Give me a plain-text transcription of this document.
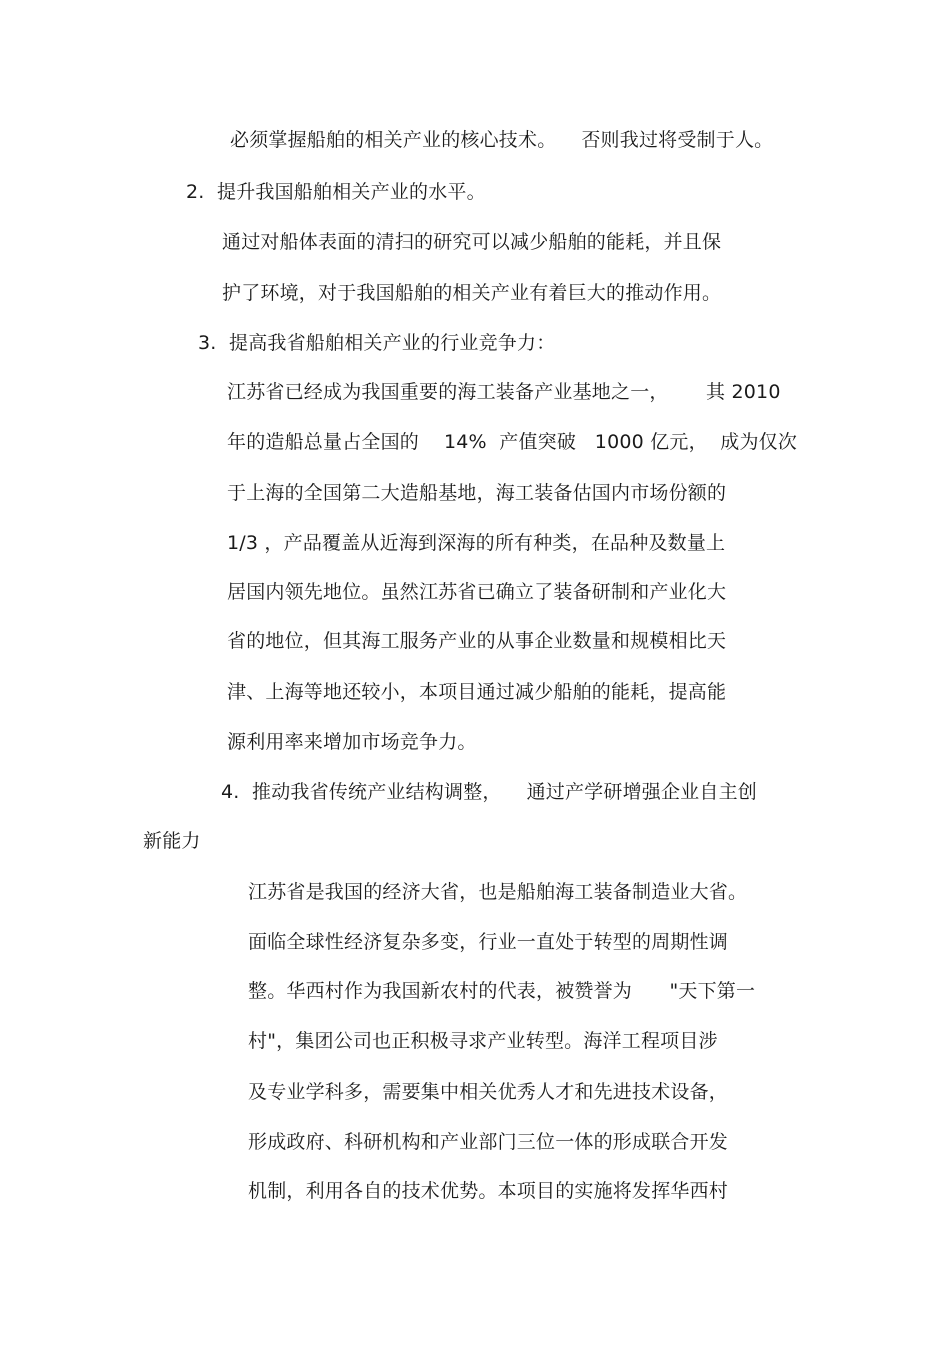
必须掌握船舶的相关产业的核心技术。    否则我过将受制于人。
2.  提升我国船舶相关产业的水平。
通过对船体表面的清扫的研究可以减少船舶的能耗，并且保
护了环境，对于我国船舶的相关产业有着巨大的推动作用。
3.  提高我省船舶相关产业的行业竞争力：
江苏省已经成为我国重要的海工装备产业基地之一，      其 2010
年的造船总量占全国的    14%  产值突破   1000 亿元，  成为仅次
于上海的全国第二大造船基地，海工装备估国内市场份额的
1/3 ，产品覆盖从近海到深海的所有种类，在品种及数量上
居国内领先地位。虽然江苏省已确立了装备研制和产业化大
省的地位，但其海工服务产业的从事企业数量和规模相比天
津、上海等地还较小，本项目通过减少船舶的能耗，提高能
源利用率来增加市场竞争力。
4.  推动我省传统产业结构调整，    通过产学研增强企业自主创
新能力
江苏省是我国的经济大省，也是船舶海工装备制造业大省。
面临全球性经济复杂多变，行业一直处于转型的周期性调
整。华西村作为我国新农村的代表，被赞誉为      "天下第一
村"，集团公司也正积极寻求产业转型。海洋工程项目涉
及专业学科多，需要集中相关优秀人才和先进技术设备，
形成政府、科研机构和产业部门三位一体的形成联合开发
机制，利用各自的技术优势。本项目的实施将发挥华西村
